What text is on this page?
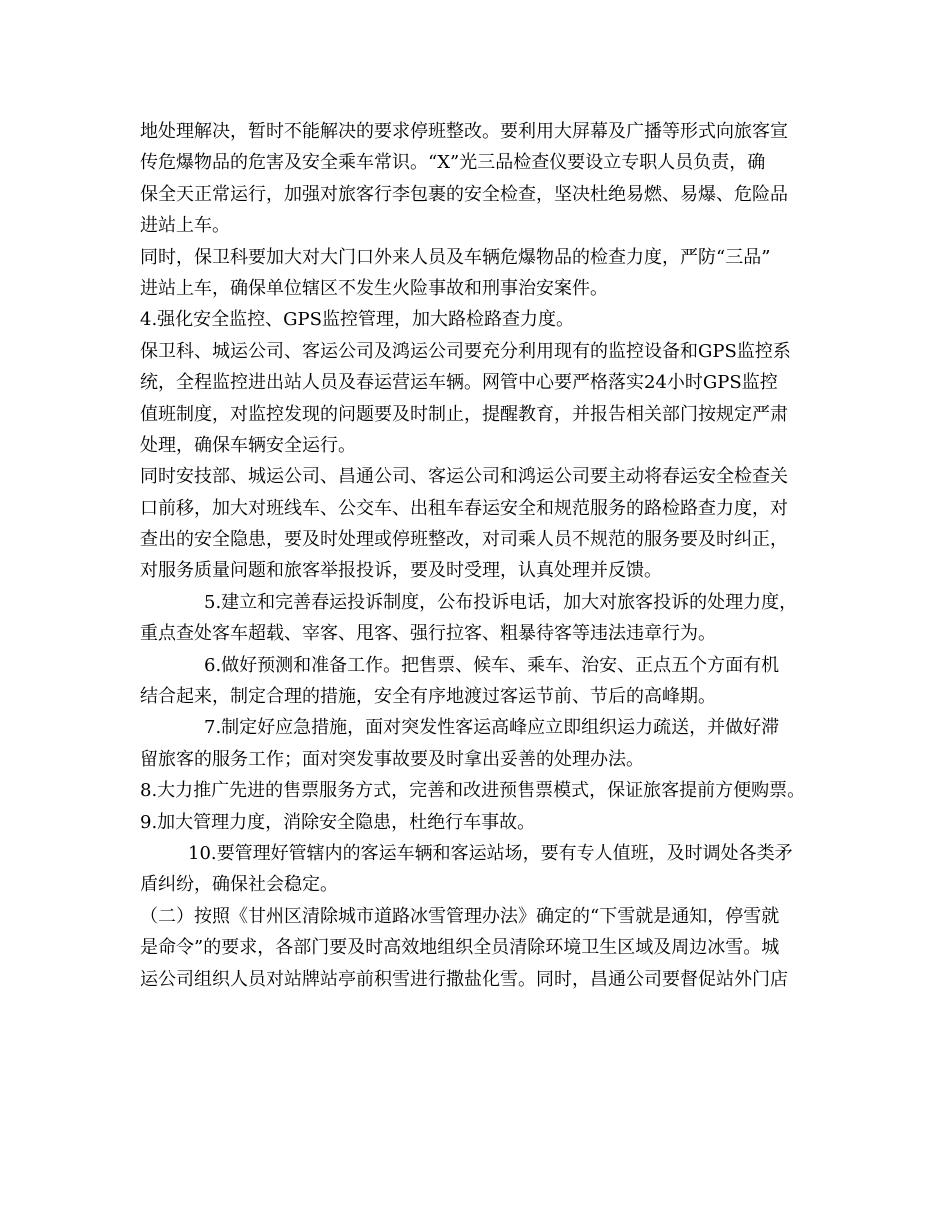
地处理解决，暂时不能解决的要求停班整改。要利用大屏幕及广播等形式向旅客宣
传危爆物品的危害及安全乘车常识。“X”光三品检查仪要设立专职人员负责，确
保全天正常运行，加强对旅客行李包裹的安全检查，坚决杜绝易燃、易爆、危险品
进站上车。
同时，保卫科要加大对大门口外来人员及车辆危爆物品的检查力度，严防“三品”
进站上车，确保单位辖区不发生火险事故和刑事治安案件。
4.强化安全监控、GPS监控管理，加大路检路查力度。
保卫科、城运公司、客运公司及鸿运公司要充分利用现有的监控设备和GPS监控系
统，全程监控进出站人员及春运营运车辆。网管中心要严格落实24小时GPS监控
值班制度，对监控发现的问题要及时制止，提醒教育，并报告相关部门按规定严肃
处理，确保车辆安全运行。
同时安技部、城运公司、昌通公司、客运公司和鸿运公司要主动将春运安全检查关
口前移，加大对班线车、公交车、出租车春运安全和规范服务的路检路查力度，对
查出的安全隐患，要及时处理或停班整改，对司乘人员不规范的服务要及时纠正，
对服务质量问题和旅客举报投诉，要及时受理，认真处理并反馈。
5.建立和完善春运投诉制度，公布投诉电话，加大对旅客投诉的处理力度，
重点查处客车超载、宰客、甩客、强行拉客、粗暴待客等违法违章行为。
6.做好预测和准备工作。把售票、候车、乘车、治安、正点五个方面有机
结合起来，制定合理的措施，安全有序地渡过客运节前、节后的高峰期。
7.制定好应急措施，面对突发性客运高峰应立即组织运力疏送，并做好滞
留旅客的服务工作；面对突发事故要及时拿出妥善的处理办法。
8.大力推广先进的售票服务方式，完善和改进预售票模式，保证旅客提前方便购票。
9.加大管理力度，消除安全隐患，杜绝行车事故。
10.要管理好管辖内的客运车辆和客运站场，要有专人值班，及时调处各类矛
盾纠纷，确保社会稳定。
（二）按照《甘州区清除城市道路冰雪管理办法》确定的“下雪就是通知，停雪就
是命令”的要求，各部门要及时高效地组织全员清除环境卫生区域及周边冰雪。城
运公司组织人员对站牌站亭前积雪进行撒盐化雪。同时，昌通公司要督促站外门店
